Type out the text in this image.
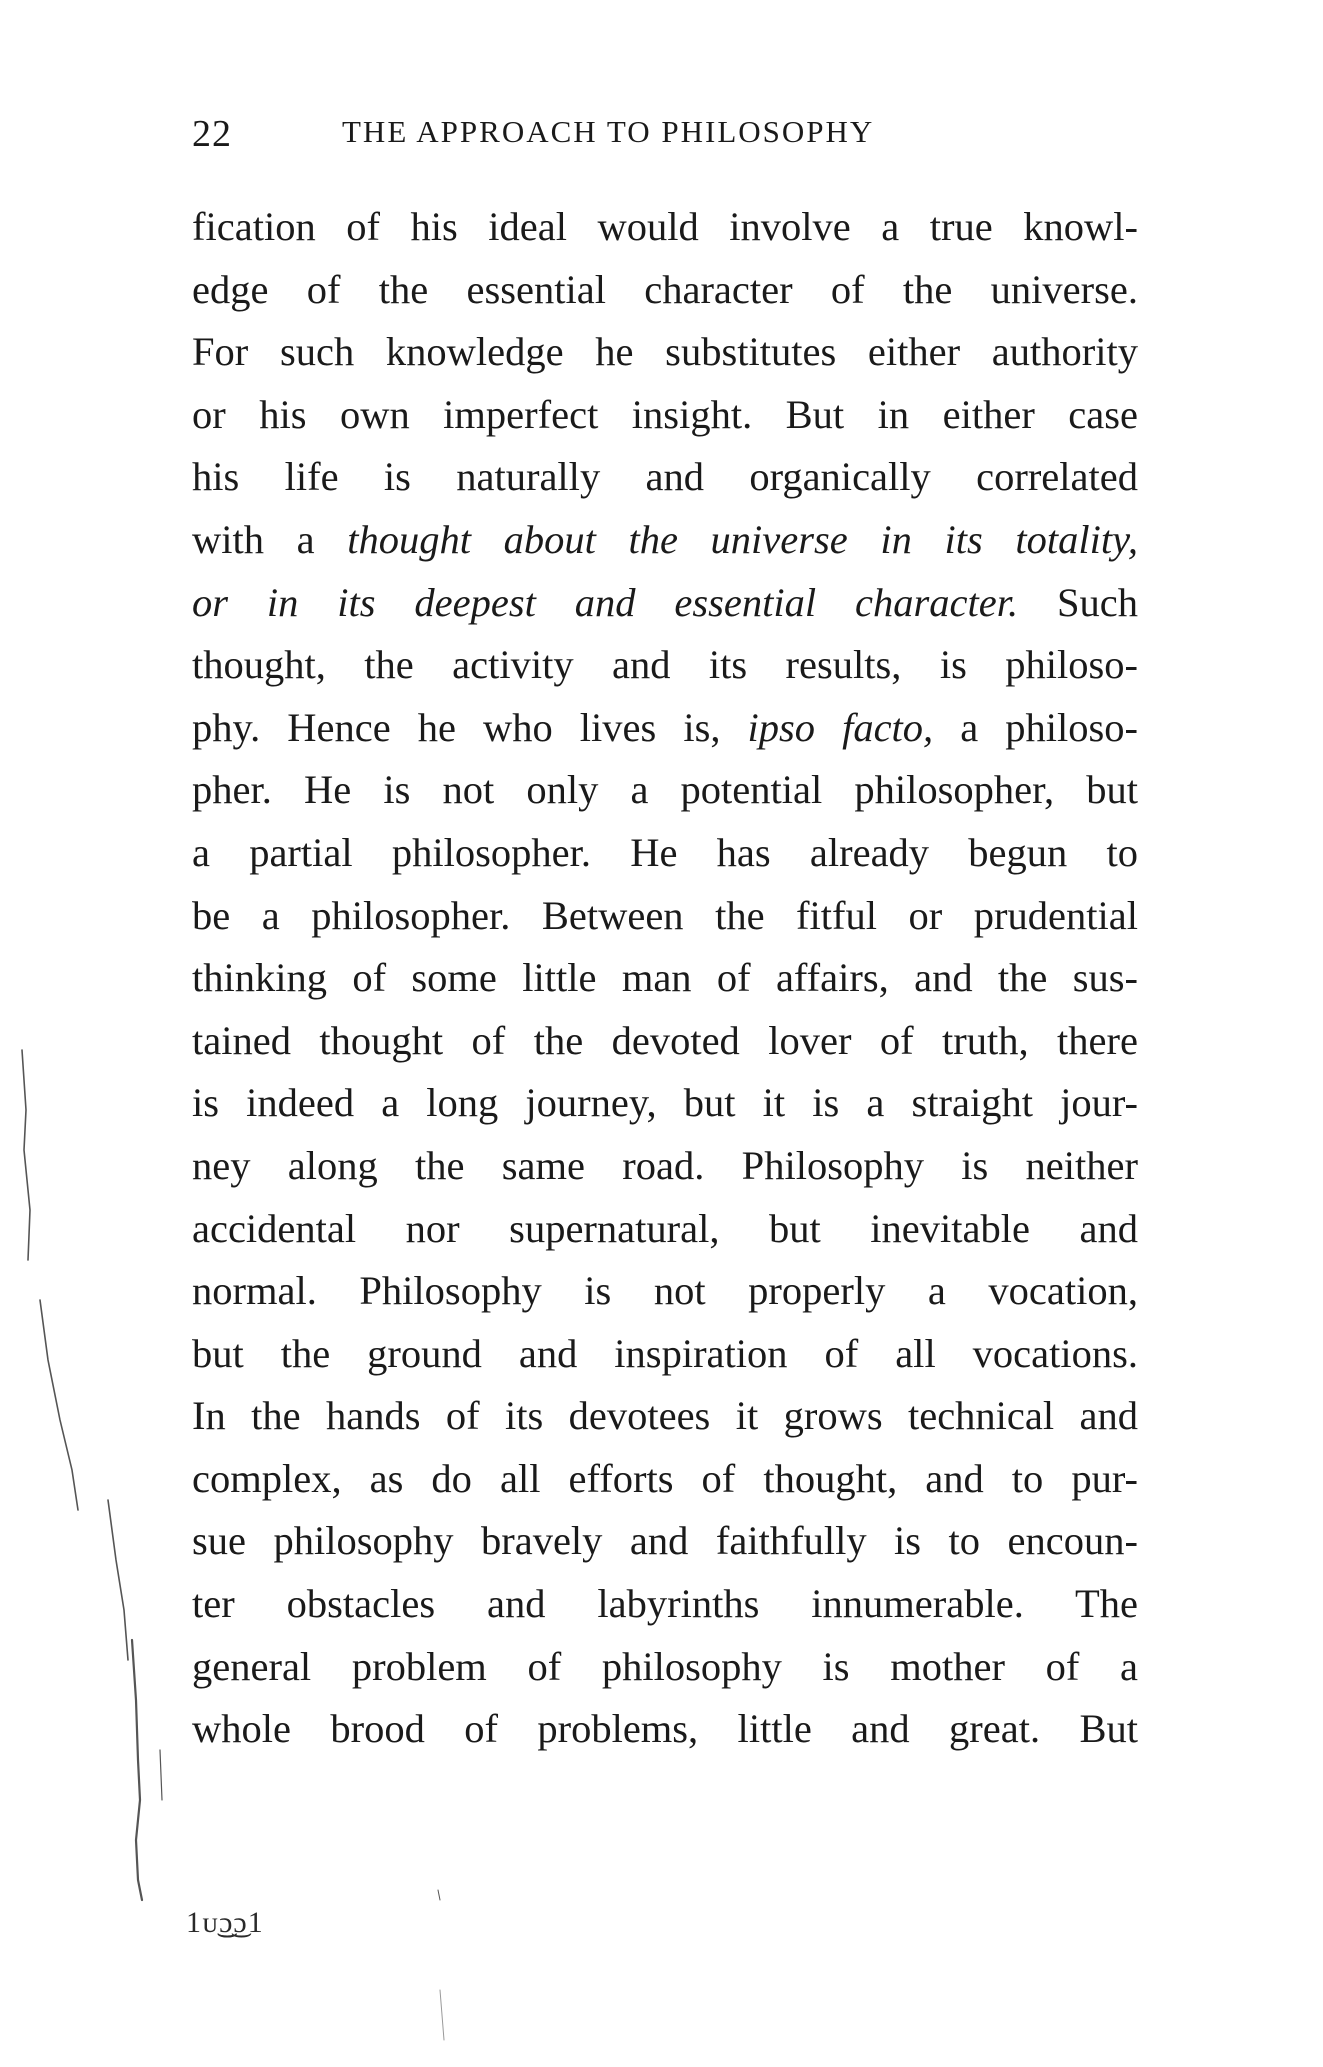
22	THE APPROACH TO PHILOSOPHY
fication of his ideal would involve a true knowl-
edge of the essential character of the universe.
For such knowledge he substitutes either authority
or his own imperfect insight. But in either case
his life is naturally and organically correlated
with a thought about the universe in its totality,
or in its deepest and essential character. Such
thought, the activity and its results, is philoso-
phy. Hence he who lives is, ipso facto, a philoso-
pher. He is not only a potential philosopher, but
a partial philosopher. He has already begun to
be a philosopher. Between the fitful or prudential
thinking of some little man of affairs, and the sus-
tained thought of the devoted lover of truth, there
is indeed a long journey, but it is a straight jour-
ney along the same road. Philosophy is neither
accidental nor supernatural, but inevitable and
normal. Philosophy is not properly a vocation,
but the ground and inspiration of all vocations.
In the hands of its devotees it grows technical and
complex, as do all efforts of thought, and to pur-
sue philosophy bravely and faithfully is to encoun-
ter obstacles and labyrinths innumerable. The
general problem of philosophy is mother of a
whole brood of problems, little and great. But
1ᴜ͜͜ɔ͜ɔ1
